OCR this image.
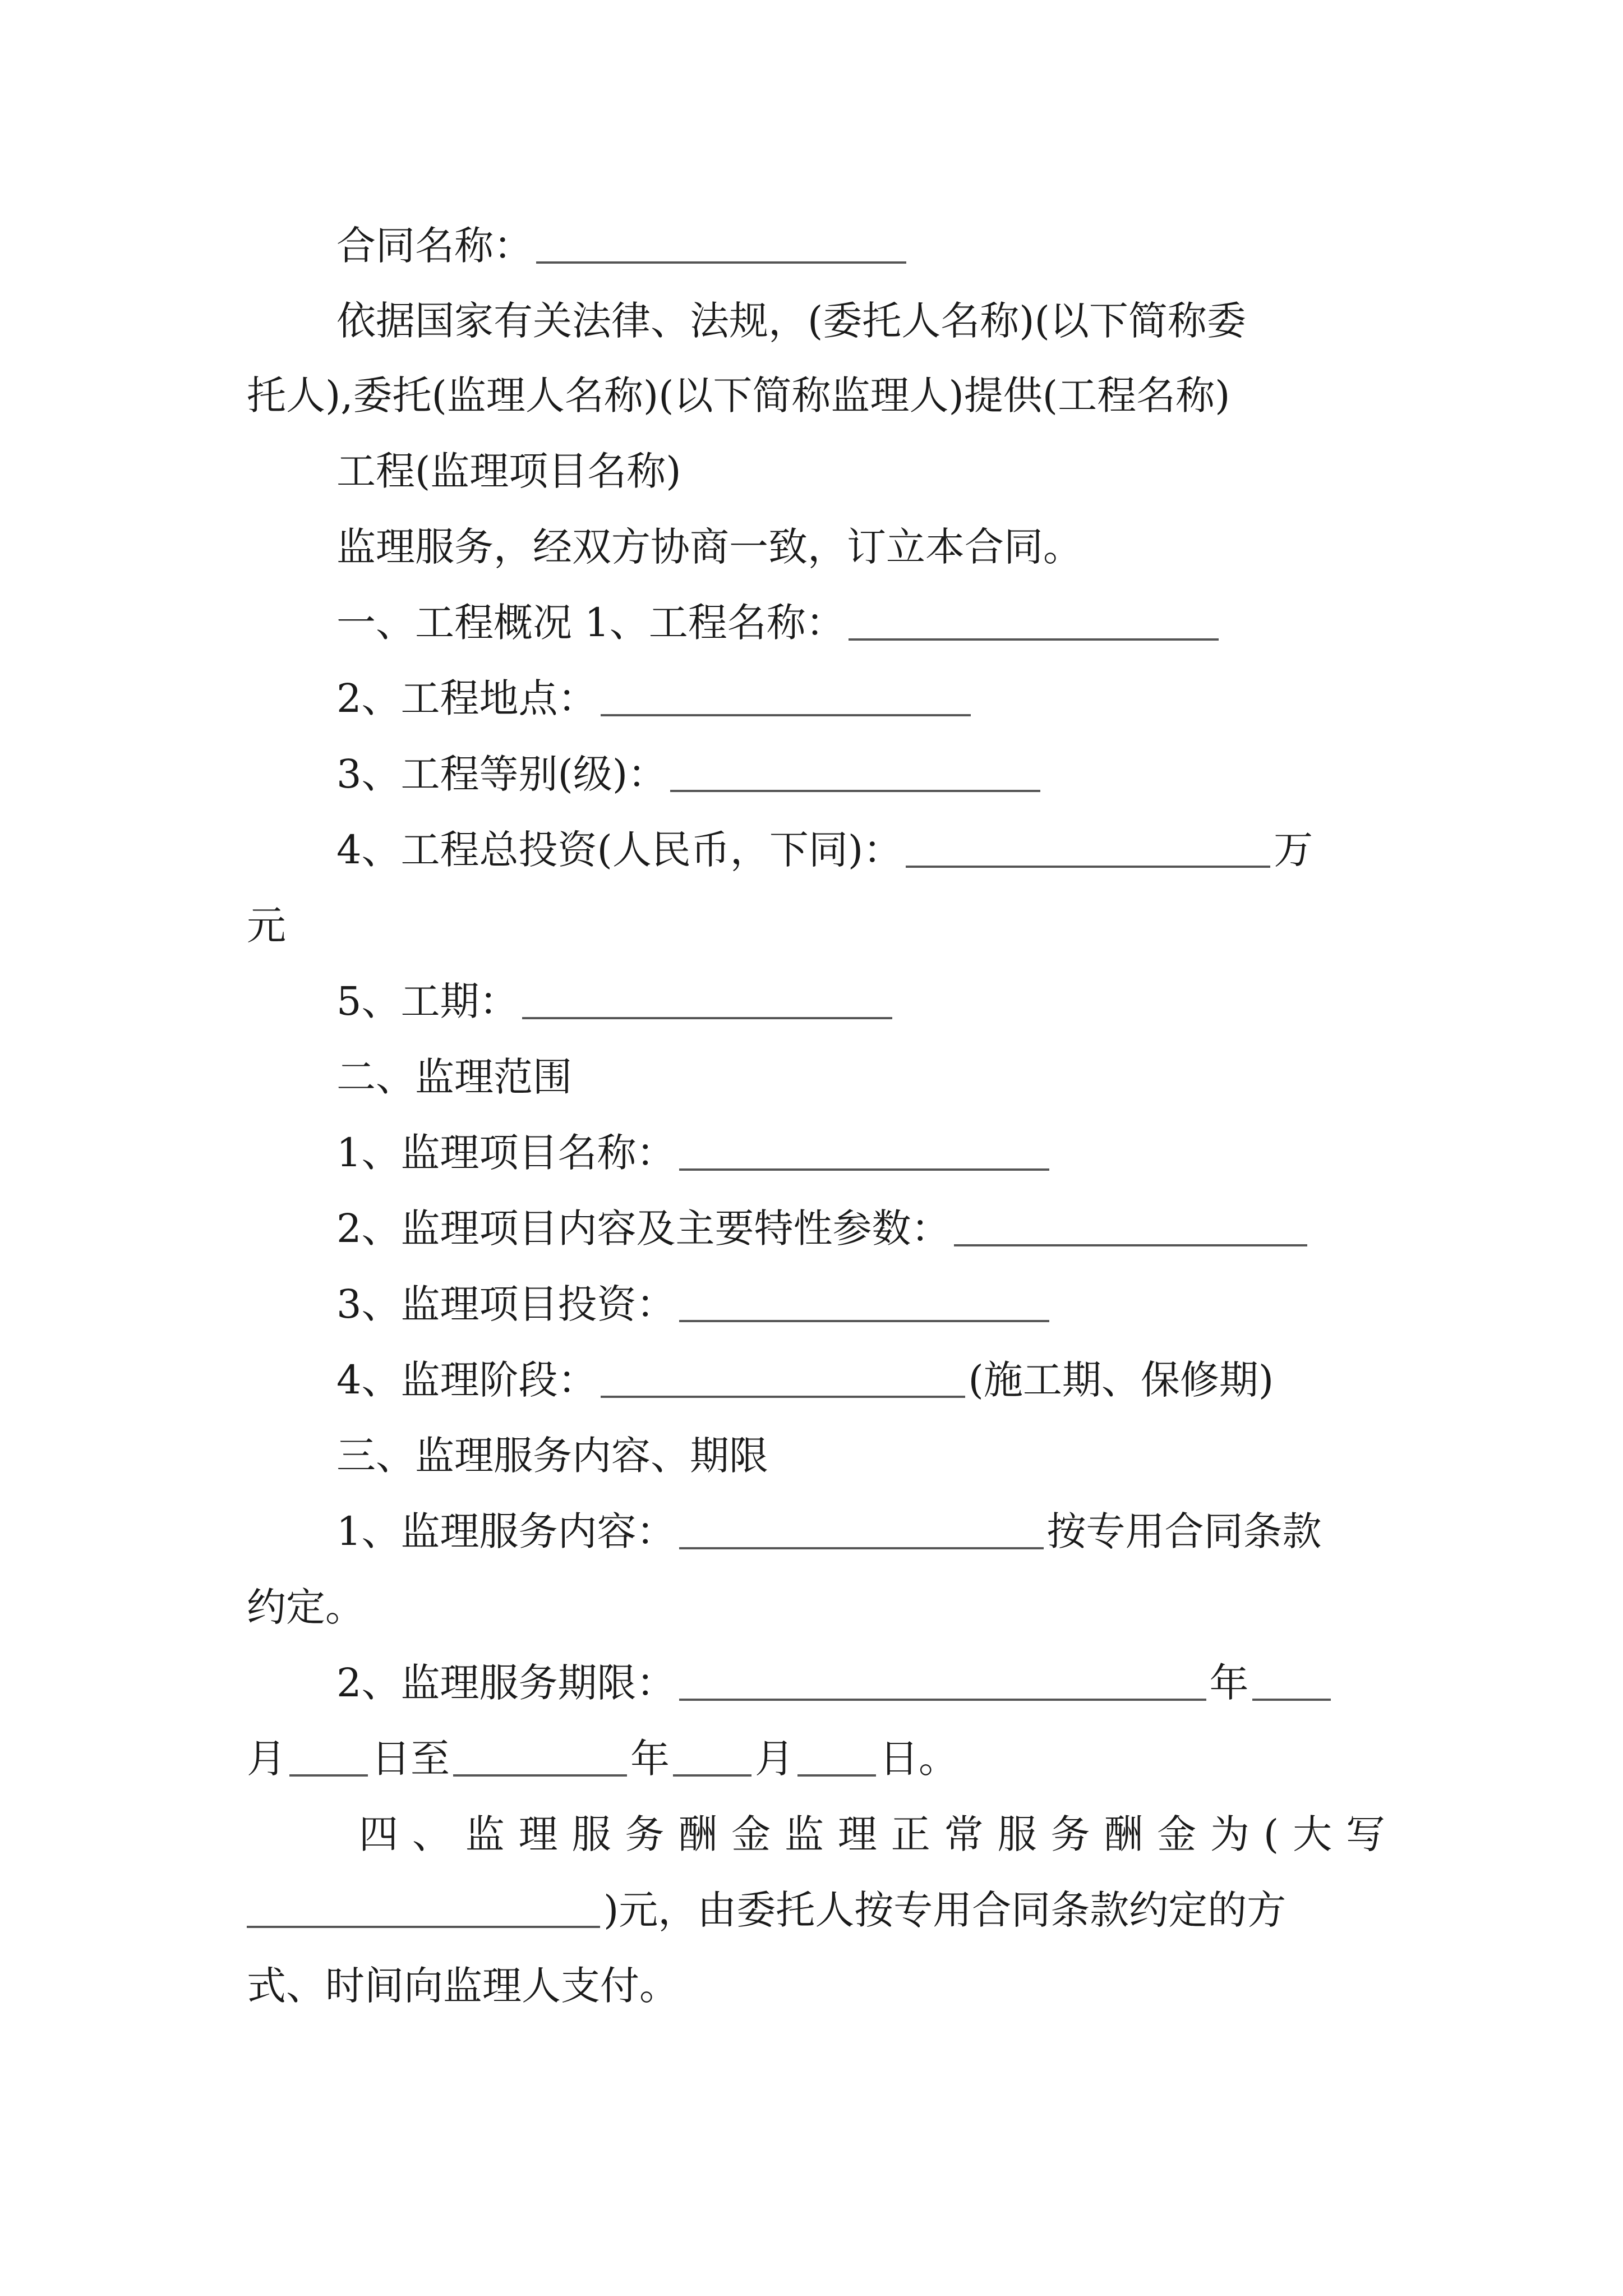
合同名称：
依据国家有关法律、法规，(委托人名称)(以下简称委
托人),委托(监理人名称)(以下简称监理人)提供(工程名称)
工程(监理项目名称)
监理服务，经双方协商一致，订立本合同。
一、工程概况 1、工程名称：
2、工程地点：
3、工程等别(级)：
4、工程总投资(人民币，下同)：	万
元
5、工期：
二、监理范围
1、监理项目名称：
2、监理项目内容及主要特性参数：
3、监理项目投资：
4、监理阶段：	(施工期、保修期)
三、监理服务内容、期限
1、监理服务内容：	按专用合同条款
约定。
2、监理服务期限：	年
月 日至	年 月 日。
四、监理服务酬金监理正常服务酬金为(大写
)元，由委托人按专用合同条款约定的方
式、时间向监理人支付。
